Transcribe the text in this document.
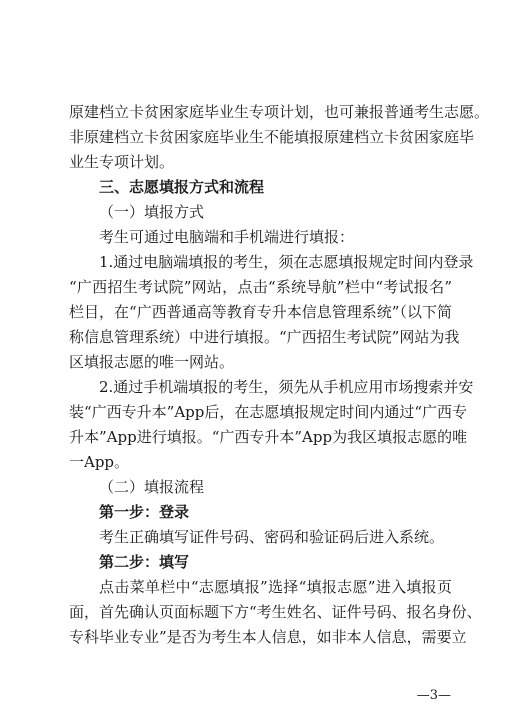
原建档立卡贫困家庭毕业生专项计划，也可兼报普通考生志愿。
非原建档立卡贫困家庭毕业生不能填报原建档立卡贫困家庭毕
业生专项计划。
三、志愿填报方式和流程
（一）填报方式
考生可通过电脑端和手机端进行填报：
1.通过电脑端填报的考生，须在志愿填报规定时间内登录
“广西招生考试院”网站，点击“系统导航”栏中“考试报名”
栏目，在“广西普通高等教育专升本信息管理系统”（以下简
称信息管理系统）中进行填报。“广西招生考试院”网站为我
区填报志愿的唯一网站。
2.通过手机端填报的考生，须先从手机应用市场搜索并安
装“广西专升本”App后，在志愿填报规定时间内通过“广西专
升本”App进行填报。“广西专升本”App为我区填报志愿的唯
一App。
（二）填报流程
第一步：登录
考生正确填写证件号码、密码和验证码后进入系统。
第二步：填写
点击菜单栏中“志愿填报”选择“填报志愿”进入填报页
面，首先确认页面标题下方“考生姓名、证件号码、报名身份、
专科毕业专业”是否为考生本人信息，如非本人信息，需要立
—3—
